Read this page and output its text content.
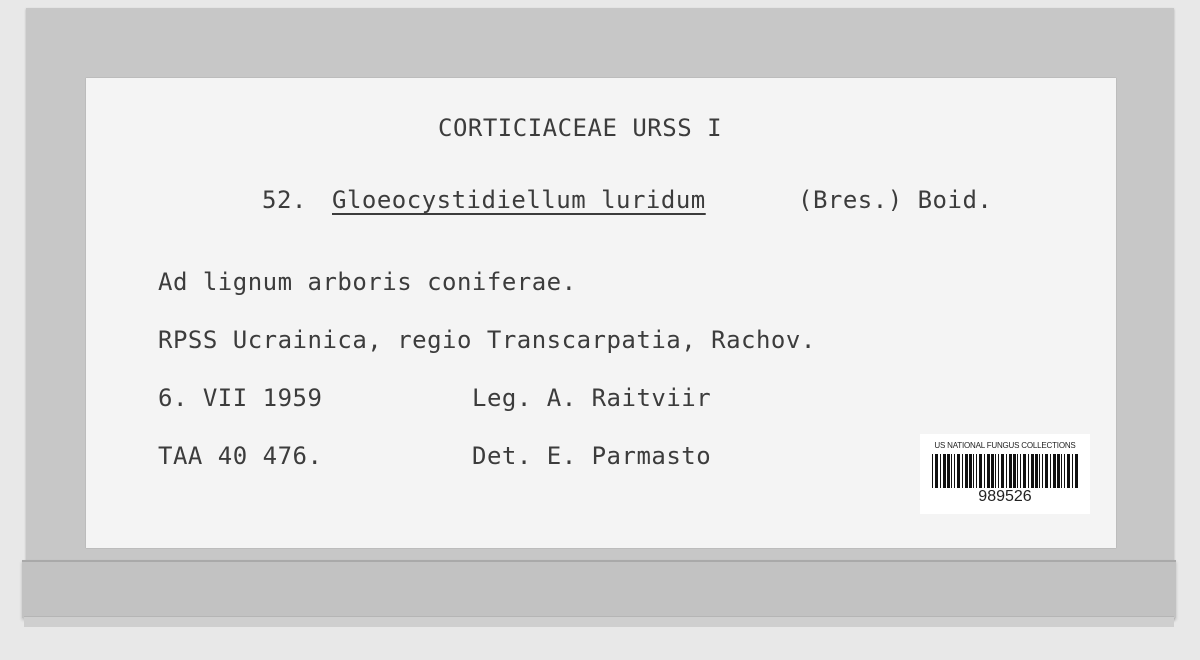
CORTICIACEAE URSS I
52. Gloeocystidiellum luridum	(Bres.) Boid.
Ad lignum arboris coniferae.
RPSS Ucrainica, regio Transcarpatia, Rachov.
6. VII 1959	Leg. A. Raitviir
TAA 40 476.	Det. E. Parmasto	US NATIONAL FUNGUS COLLECTIONS
989526
